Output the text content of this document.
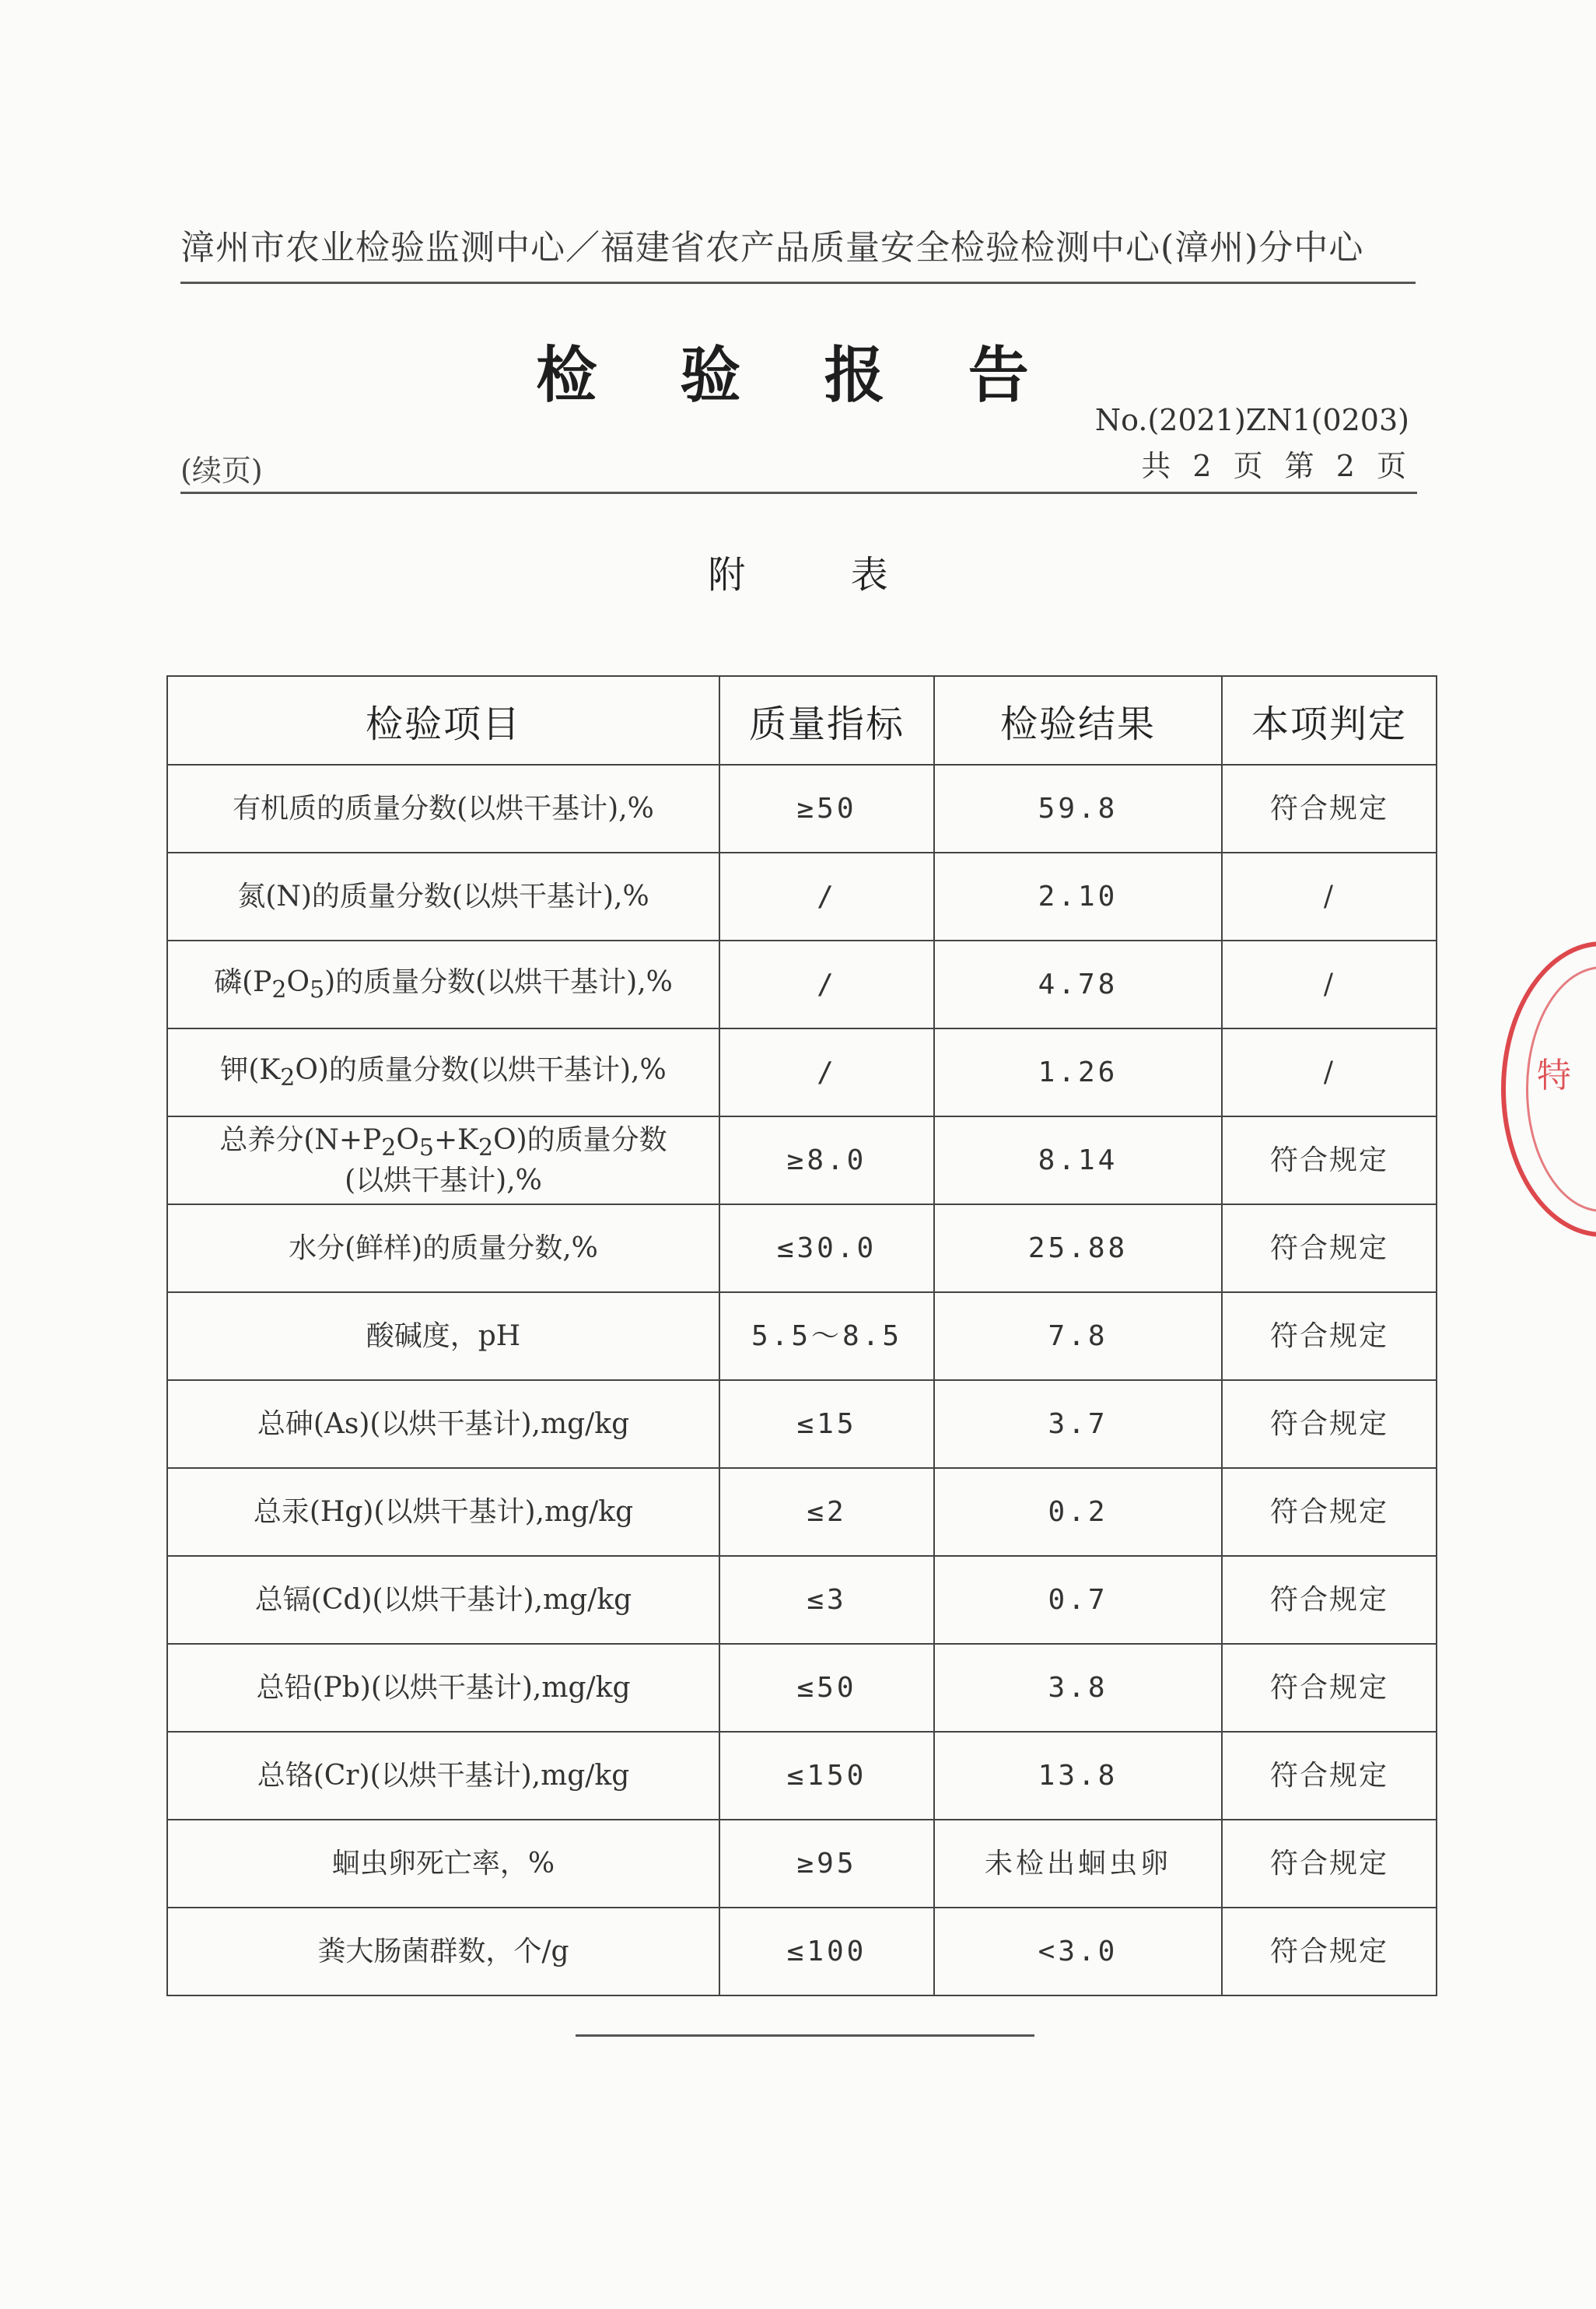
漳州市农业检验监测中心／福建省农产品质量安全检验检测中心(漳州)分中心
检 验 报 告
No.(2021)ZN1(0203)
共 2 页 第 2 页
(续页)
附 表
检验项目	质量指标	检验结果	本项判定
有机质的质量分数(以烘干基计),%	≥50	59.8	符合规定
氮(N)的质量分数(以烘干基计),%	/	2.10	/
磷$(P_2O_5)$的质量分数(以烘干基计),%	/	4.78	/
钾$(K_2O)$的质量分数(以烘干基计),%	/	1.26	/
总养分$(N+P_2O_5+K_2O)$的质量分数
(以烘干基计),%	≥8.0	8.14	符合规定
水分(鲜样)的质量分数,%	≤30.0	25.88	符合规定
酸碱度，pH	5.5～8.5	7.8	符合规定
总砷(As)(以烘干基计),mg/kg	≤15	3.7	符合规定
总汞(Hg)(以烘干基计),mg/kg	≤2	0.2	符合规定
总镉(Cd)(以烘干基计),mg/kg	≤3	0.7	符合规定
总铅(Pb)(以烘干基计),mg/kg	≤50	3.8	符合规定
总铬(Cr)(以烘干基计),mg/kg	≤150	13.8	符合规定
蛔虫卵死亡率，%	≥95	未检出蛔虫卵	符合规定
粪大肠菌群数，个/g	≤100	<3.0	符合规定
特
